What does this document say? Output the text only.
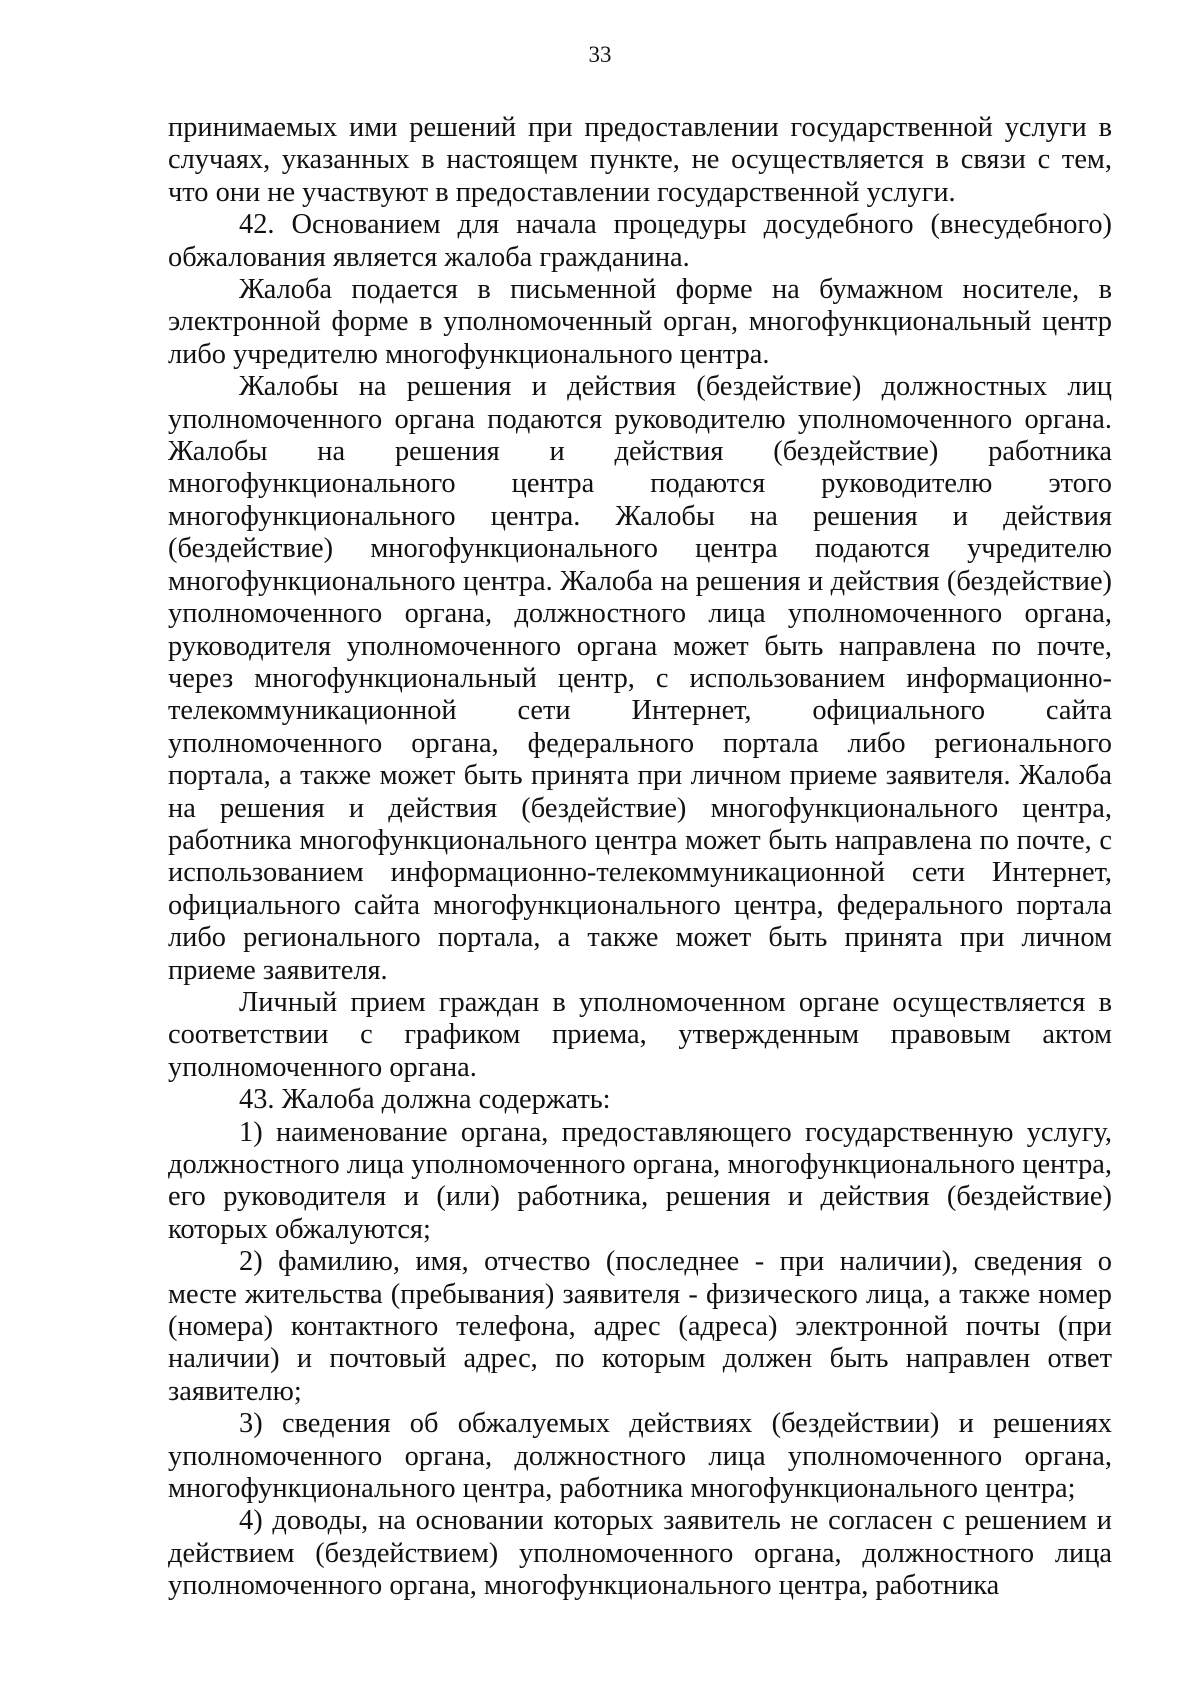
33

принимаемых ими решений при предоставлении государственной услуги в случаях, указанных в настоящем пункте, не осуществляется в связи с тем, что они не участвуют в предоставлении государственной услуги.

42. Основанием для начала процедуры досудебного (внесудебного) обжалования является жалоба гражданина.

Жалоба подается в письменной форме на бумажном носителе, в электронной форме в уполномоченный орган, многофункциональный центр либо учредителю многофункционального центра.

Жалобы на решения и действия (бездействие) должностных лиц уполномоченного органа подаются руководителю уполномоченного органа. Жалобы на решения и действия (бездействие) работника многофункционального центра подаются руководителю этого многофункционального центра. Жалобы на решения и действия (бездействие) многофункционального центра подаются учредителю многофункционального центра. Жалоба на решения и действия (бездействие) уполномоченного органа, должностного лица уполномоченного органа, руководителя уполномоченного органа может быть направлена по почте, через многофункциональный центр, с использованием информационно-телекоммуникационной сети Интернет, официального сайта уполномоченного органа, федерального портала либо регионального портала, а также может быть принята при личном приеме заявителя. Жалоба на решения и действия (бездействие) многофункционального центра, работника многофункционального центра может быть направлена по почте, с использованием информационно-телекоммуникационной сети Интернет, официального сайта многофункционального центра, федерального портала либо регионального портала, а также может быть принята при личном приеме заявителя.

Личный прием граждан в уполномоченном органе осуществляется в соответствии с графиком приема, утвержденным правовым актом уполномоченного органа.

43. Жалоба должна содержать:

1) наименование органа, предоставляющего государственную услугу, должностного лица уполномоченного органа, многофункционального центра, его руководителя и (или) работника, решения и действия (бездействие) которых обжалуются;

2) фамилию, имя, отчество (последнее - при наличии), сведения о месте жительства (пребывания) заявителя - физического лица, а также номер (номера) контактного телефона, адрес (адреса) электронной почты (при наличии) и почтовый адрес, по которым должен быть направлен ответ заявителю;

3) сведения об обжалуемых действиях (бездействии) и решениях уполномоченного органа, должностного лица уполномоченного органа, многофункционального центра, работника многофункционального центра;

4) доводы, на основании которых заявитель не согласен с решением и действием (бездействием) уполномоченного органа, должностного лица уполномоченного органа, многофункционального центра, работника
